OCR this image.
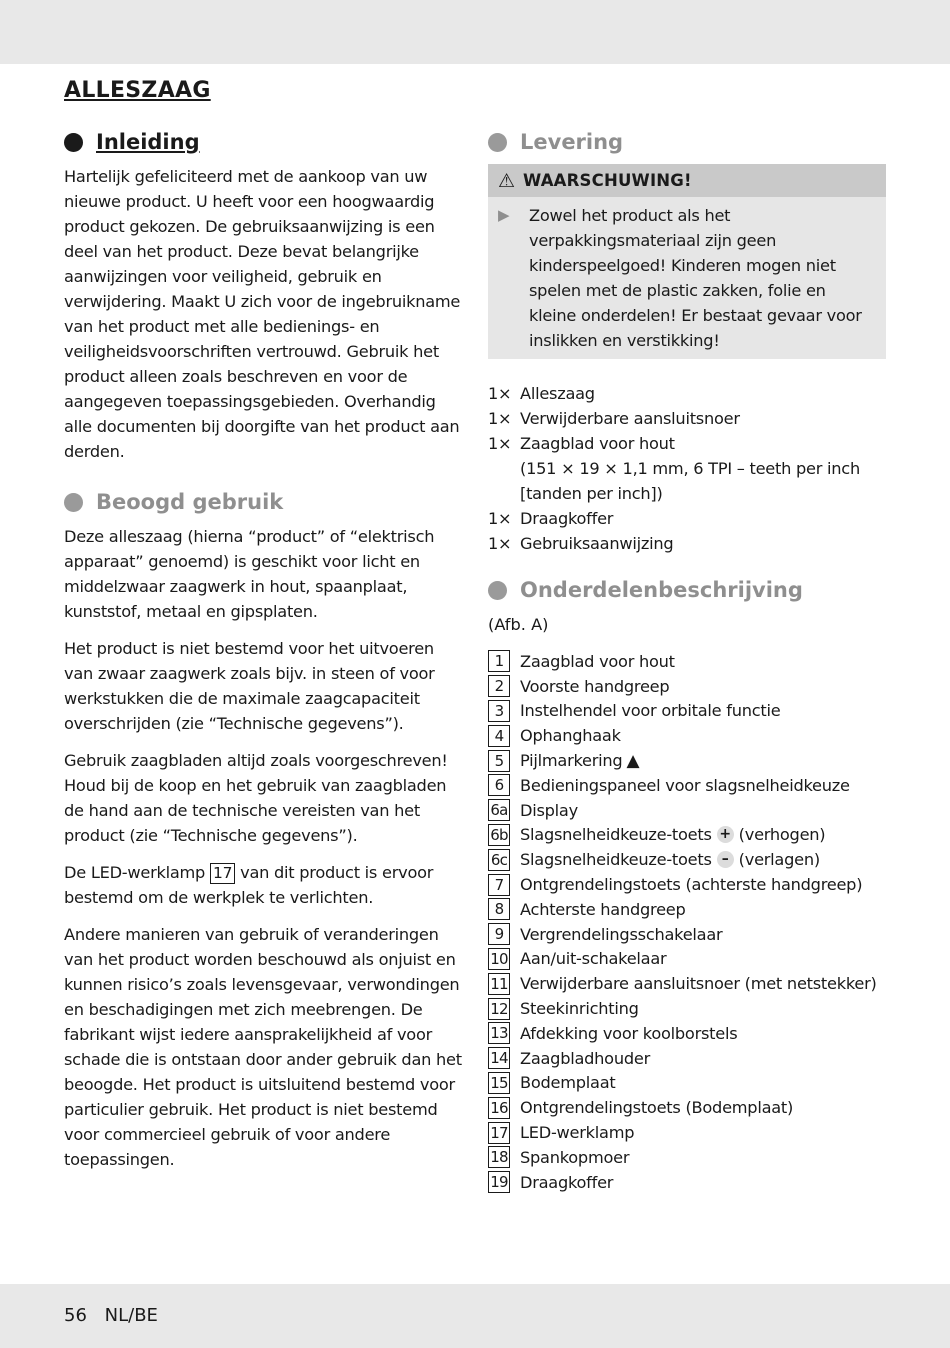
ALLESZAAG
Inleiding

Hartelijk gefeliciteerd met de aankoop van uw nieuwe product. U heeft voor een hoogwaardig product gekozen. De gebruiksaanwijzing is een deel van het product. Deze bevat belangrijke aanwijzingen voor veiligheid, gebruik en verwijdering. Maakt U zich voor de ingebruikname van het product met alle bedienings- en veiligheidsvoorschriften vertrouwd. Gebruik het product alleen zoals beschreven en voor de aangegeven toepassingsgebieden. Overhandig alle documenten bij doorgifte van het product aan derden.

Beoogd gebruik

Deze alleszaag (hierna “product” of “elektrisch apparaat” genoemd) is geschikt voor licht en middelzwaar zaagwerk in hout, spaanplaat, kunststof, metaal en gipsplaten.

Het product is niet bestemd voor het uitvoeren van zwaar zaagwerk zoals bijv. in steen of voor werkstukken die de maximale zaagcapaciteit overschrijden (zie “Technische gegevens”).

Gebruik zaagbladen altijd zoals voorgeschreven! Houd bij de koop en het gebruik van zaagbladen de hand aan de technische vereisten van het product (zie “Technische gegevens”).

De LED-werklamp 17 van dit product is ervoor bestemd om de werkplek te verlichten.

Andere manieren van gebruik of veranderingen van het product worden beschouwd als onjuist en kunnen risico’s zoals levensgevaar, verwondingen en beschadigingen met zich meebrengen. De fabrikant wijst iedere aansprakelijkheid af voor schade die is ontstaan door ander gebruik dan het beoogde. Het product is uitsluitend bestemd voor particulier gebruik. Het product is niet bestemd voor commercieel gebruik of voor andere toepassingen.

Levering
⚠ WAARSCHUWING!
▶	Zowel het product als het verpakkingsmateriaal zijn geen kinderspeelgoed! Kinderen mogen niet spelen met de plastic zakken, folie en kleine onderdelen! Er bestaat gevaar voor inslikken en verstikking!
1× Alleszaag
1× Verwijderbare aansluitsnoer
1× Zaagblad voor hout
(151 × 19 × 1,1 mm, 6 TPI – teeth per inch
[tanden per inch])
1× Draagkoffer
1× Gebruiksaanwijzing
Onderdelenbeschrijving

(Afb. A)

1	Zaagblad voor hout
2	Voorste handgreep
3	Instelhendel voor orbitale functie
4	Ophanghaak
5	Pijlmarkering ▲
6	Bedieningspaneel voor slagsnelheidkeuze
6a Display
6b Slagsnelheidkeuze-toets + (verhogen)
6c Slagsnelheidkeuze-toets – (verlagen)
7	Ontgrendelingstoets (achterste handgreep)
8	Achterste handgreep
9	Vergrendelingsschakelaar
10 Aan/uit-schakelaar
11 Verwijderbare aansluitsnoer (met netstekker)
12 Steekinrichting
13 Afdekking voor koolborstels
14 Zaagbladhouder
15 Bodemplaat
16 Ontgrendelingstoets (Bodemplaat)
17 LED-werklamp
18 Spankopmoer
19 Draagkoffer
56 NL/BE
